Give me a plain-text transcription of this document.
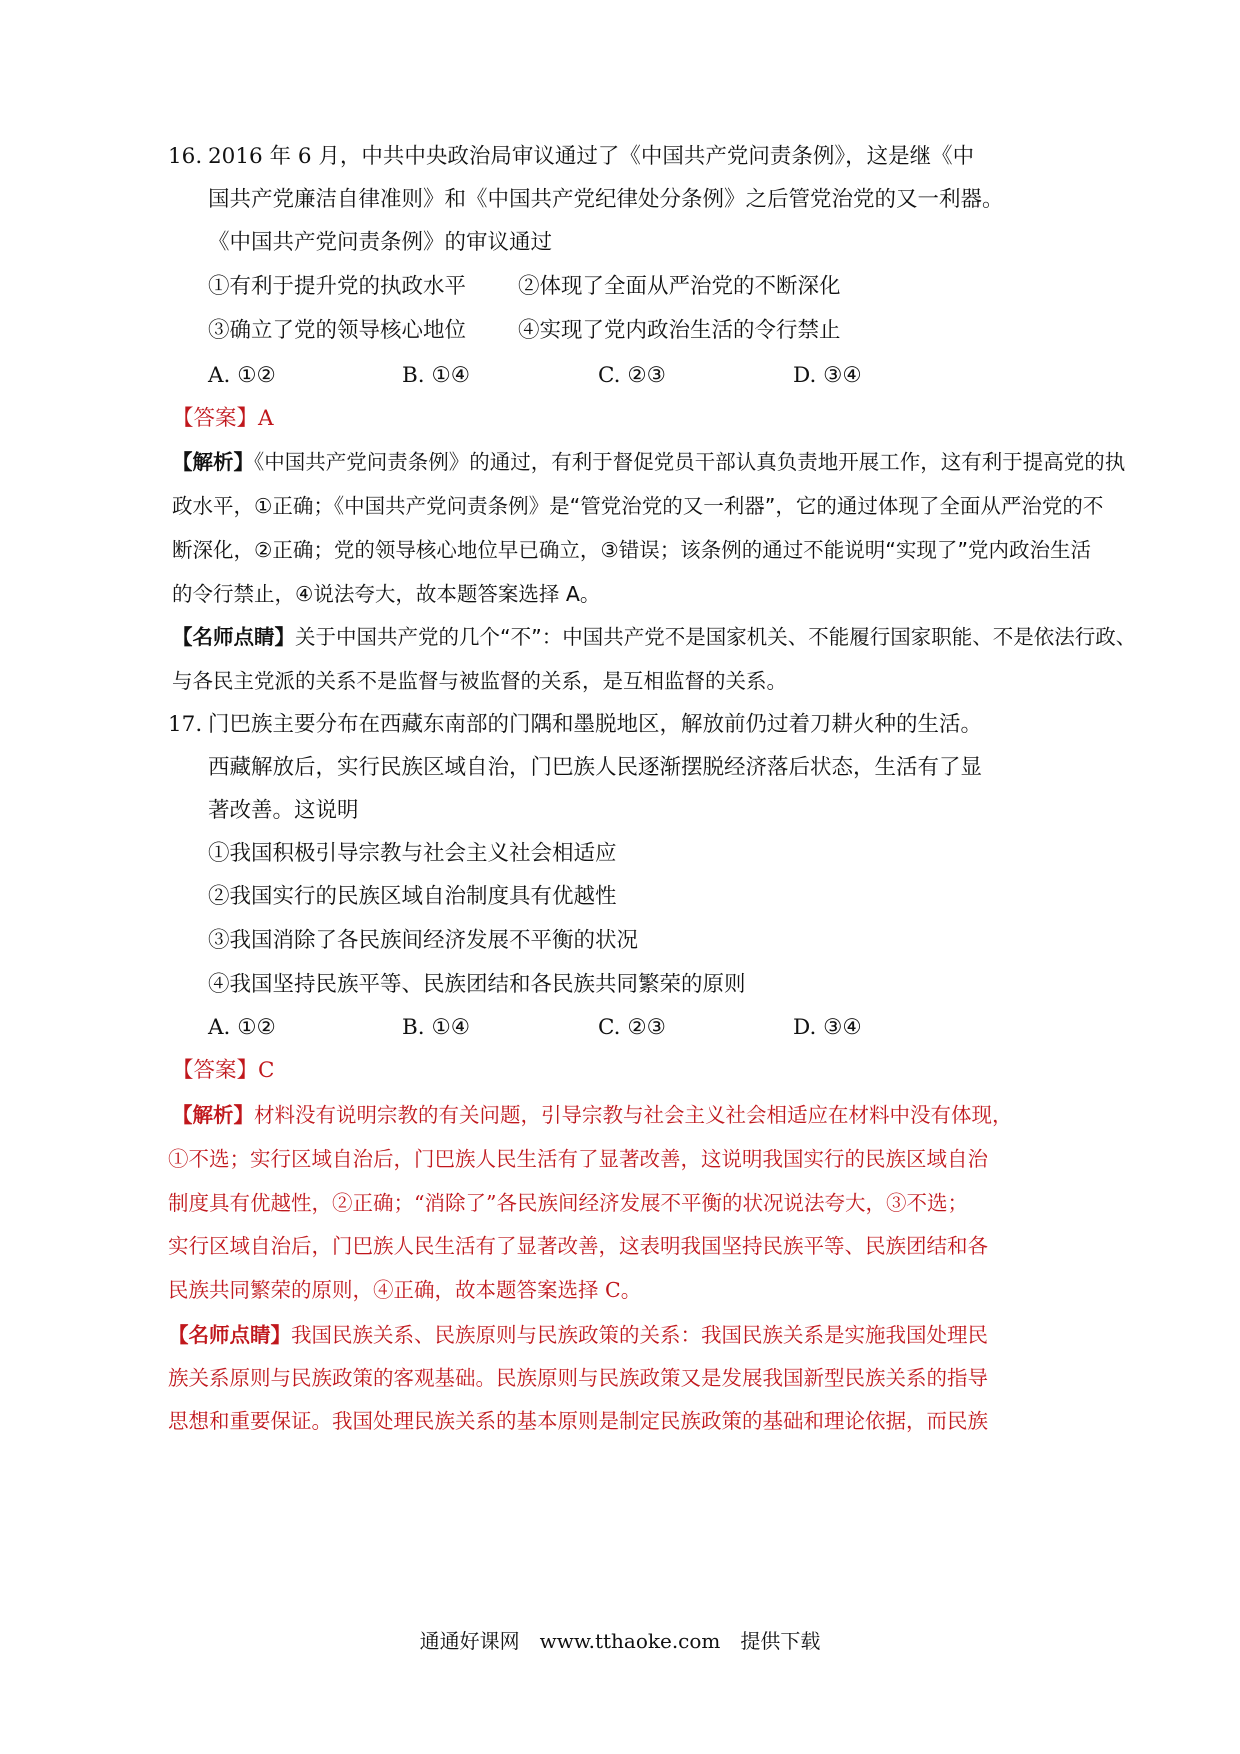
16. 2016 年 6 月，中共中央政治局审议通过了《中国共产党问责条例》，这是继《中
国共产党廉洁自律准则》和《中国共产党纪律处分条例》之后管党治党的又一利器。
《中国共产党问责条例》的审议通过
①有利于提升党的执政水平 ②体现了全面从严治党的不断深化
③确立了党的领导核心地位 ④实现了党内政治生活的令行禁止
A. ①②	B. ①④	C. ②③	D. ③④
【答案】A
【解析】《中国共产党问责条例》的通过，有利于督促党员干部认真负责地开展工作，这有利于提高党的执
政水平，①正确；《中国共产党问责条例》是“管党治党的又一利器”，它的通过体现了全面从严治党的不
断深化，②正确；党的领导核心地位早已确立，③错误；该条例的通过不能说明“实现了”党内政治生活
的令行禁止，④说法夸大，故本题答案选择 A。
【名师点睛】关于中国共产党的几个“不”：中国共产党不是国家机关、不能履行国家职能、不是依法行政、
与各民主党派的关系不是监督与被监督的关系，是互相监督的关系。
17. 门巴族主要分布在西藏东南部的门隅和墨脱地区，解放前仍过着刀耕火种的生活。
西藏解放后，实行民族区域自治，门巴族人民逐渐摆脱经济落后状态，生活有了显
著改善。这说明
①我国积极引导宗教与社会主义社会相适应
②我国实行的民族区域自治制度具有优越性
③我国消除了各民族间经济发展不平衡的状况
④我国坚持民族平等、民族团结和各民族共同繁荣的原则
A. ①②	B. ①④	C. ②③	D. ③④
【答案】C
【解析】材料没有说明宗教的有关问题，引导宗教与社会主义社会相适应在材料中没有体现，
①不选；实行区域自治后，门巴族人民生活有了显著改善，这说明我国实行的民族区域自治
制度具有优越性，②正确；“消除了”各民族间经济发展不平衡的状况说法夸大，③不选；
实行区域自治后，门巴族人民生活有了显著改善，这表明我国坚持民族平等、民族团结和各
民族共同繁荣的原则，④正确，故本题答案选择 C。
【名师点睛】我国民族关系、民族原则与民族政策的关系：我国民族关系是实施我国处理民
族关系原则与民族政策的客观基础。民族原则与民族政策又是发展我国新型民族关系的指导
思想和重要保证。我国处理民族关系的基本原则是制定民族政策的基础和理论依据，而民族
通通好课网　www.tthaoke.com　提供下载
